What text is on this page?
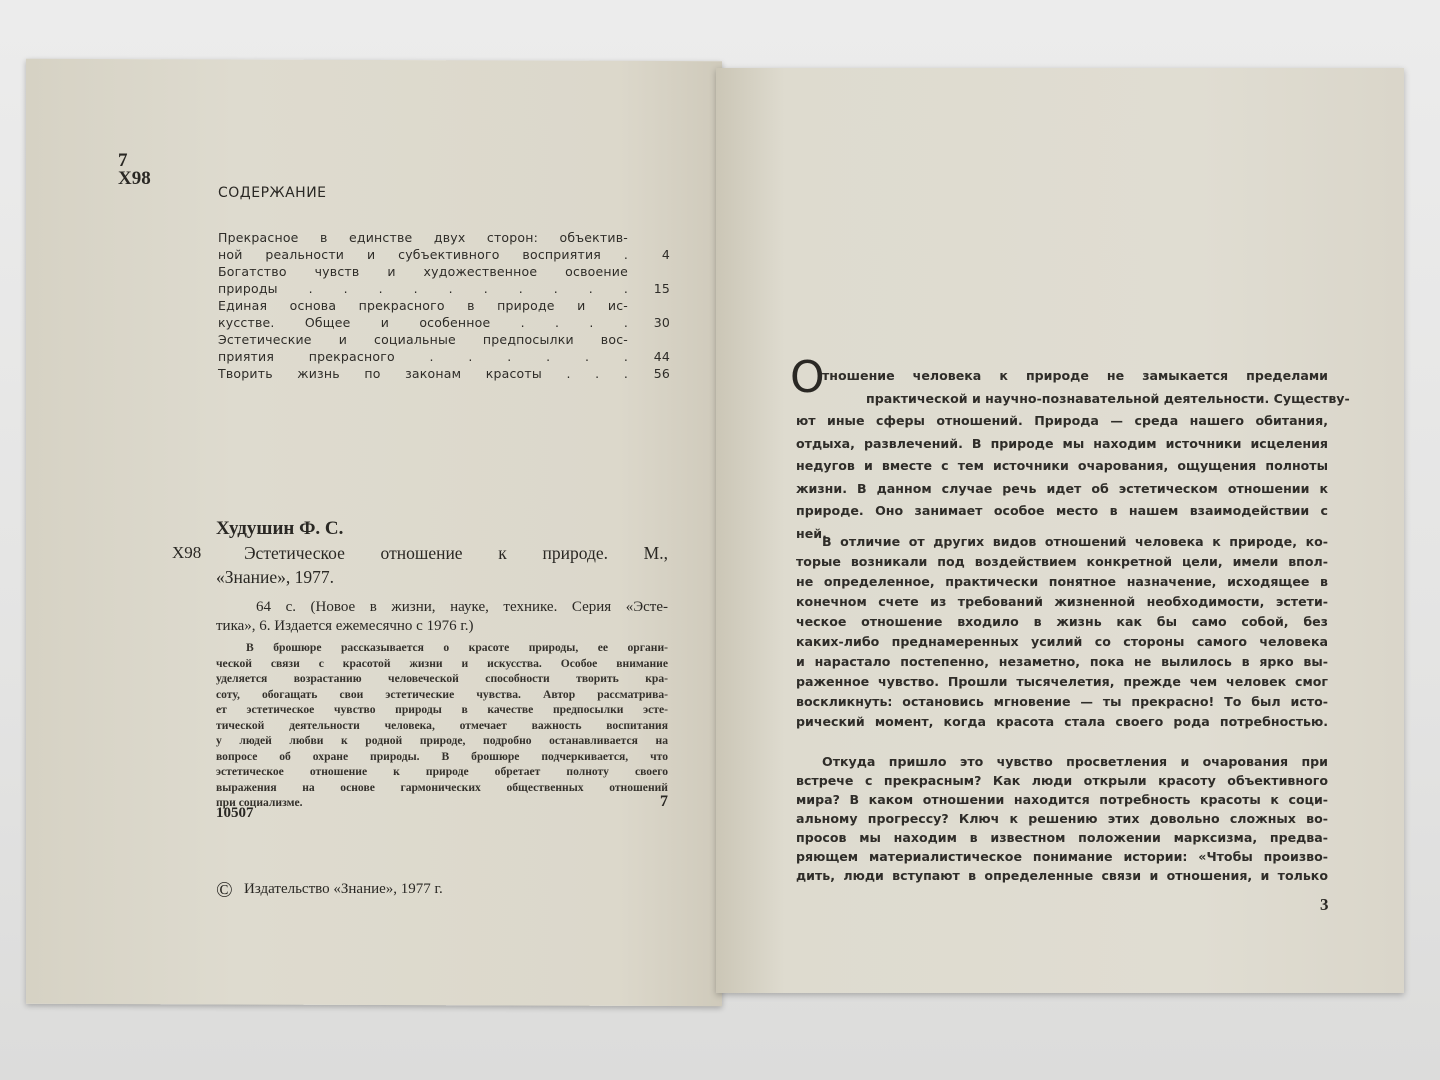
7
Х98
СОДЕРЖАНИЕ
Прекрасное в единстве двух сторон: объектив-
ной реальности и субъективного восприятия .	4
Богатство чувств и художественное освоение
природы . . . . . . . . . . 15
Единая основа прекрасного в природе и ис-
кусстве. Общее и особенное . . . . 30
Эстетические и социальные предпосылки вос-
приятия прекрасного . . . . . . 44
Творить жизнь по законам красоты . . . 56
Худушин Ф. С.
Х98	Эстетическое отношение к природе. М.,
«Знание», 1977.
64 с. (Новое в жизни, науке, технике. Серия «Эсте-
тика», 6. Издается ежемесячно с 1976 г.)
В брошюре рассказывается о красоте природы, ее органи-
ческой связи с красотой жизни и искусства. Особое внимание
уделяется возрастанию человеческой способности творить кра-
соту, обогащать свои эстетические чувства. Автор рассматрива-
ет эстетическое чувство природы в качестве предпосылки эсте-
тической деятельности человека, отмечает важность воспитания
у людей любви к родной природе, подробно останавливается на
вопросе об охране природы. В брошюре подчеркивается, что
эстетическое отношение к природе обретает полноту своего
выражения на основе гармонических общественных отношений
при социализме.
10507
7
© Издательство «Знание», 1977 г.
О
тношение человека к природе не замыкается пределами
практической и научно-познавательной деятельности. Существу-
ют иные сферы отношений. Природа — среда нашего обитания,
отдыха, развлечений. В природе мы находим источники исцеления
недугов и вместе с тем источники очарования, ощущения полноты
жизни. В данном случае речь идет об эстетическом отношении к
природе. Оно занимает особое место в нашем взаимодействии с
ней.
В отличие от других видов отношений человека к природе, ко-
торые возникали под воздействием конкретной цели, имели впол-
не определенное, практически понятное назначение, исходящее в
конечном счете из требований жизненной необходимости, эстети-
ческое отношение входило в жизнь как бы само собой, без
каких-либо преднамеренных усилий со стороны самого человека
и нарастало постепенно, незаметно, пока не вылилось в ярко вы-
раженное чувство. Прошли тысячелетия, прежде чем человек смог
воскликнуть: остановись мгновение — ты прекрасно! То был исто-
рический момент, когда красота стала своего рода потребностью.
Откуда пришло это чувство просветления и очарования при
встрече с прекрасным? Как люди открыли красоту объективного
мира? В каком отношении находится потребность красоты к соци-
альному прогрессу? Ключ к решению этих довольно сложных во-
просов мы находим в известном положении марксизма, предва-
ряющем материалистическое понимание истории: «Чтобы произво-
дить, люди вступают в определенные связи и отношения, и только
3
